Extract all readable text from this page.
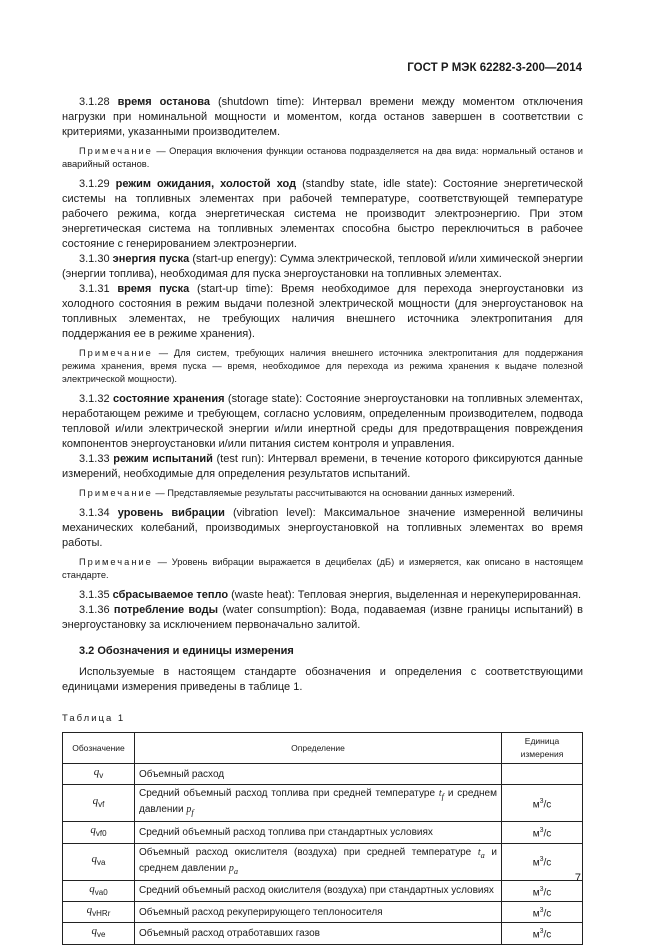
ГОСТ Р МЭК 62282-3-200—2014

3.1.28 время останова (shutdown time): Интервал времени между моментом отключения нагрузки при номинальной мощности и моментом, когда останов завершен в соответствии с критериями, указанными производителем.

Примечание — Операция включения функции останова подразделяется на два вида: нормальный останов и аварийный останов.

3.1.29 режим ожидания, холостой ход (standby state, idle state): Состояние энергетической системы на топливных элементах при рабочей температуре, соответствующей температуре рабочего режима, когда энергетическая система не производит электроэнергию. При этом энергетическая система на топливных элементах способна быстро переключиться в рабочее состояние с генерированием электроэнергии.

3.1.30 энергия пуска (start-up energy): Сумма электрической, тепловой и/или химической энергии (энергии топлива), необходимая для пуска энергоустановки на топливных элементах.

3.1.31 время пуска (start-up time): Время необходимое для перехода энергоустановки из холодного состояния в режим выдачи полезной электрической мощности (для энергоустановок на топливных элементах, не требующих наличия внешнего источника электропитания для поддержания ее в режиме хранения).

Примечание — Для систем, требующих наличия внешнего источника электропитания для поддержания режима хранения, время пуска — время, необходимое для перехода из режима хранения к выдаче полезной электрической мощности).

3.1.32 состояние хранения (storage state): Состояние энергоустановки на топливных элементах, неработающем режиме и требующем, согласно условиям, определенным производителем, подвода тепловой и/или электрической энергии и/или инертной среды для предотвращения повреждения компонентов энергоустановки и/или питания систем контроля и управления.

3.1.33 режим испытаний (test run): Интервал времени, в течение которого фиксируются данные измерений, необходимые для определения результатов испытаний.

Примечание — Представляемые результаты рассчитываются на основании данных измерений.

3.1.34 уровень вибрации (vibration level): Максимальное значение измеренной величины механических колебаний, производимых энергоустановкой на топливных элементах во время работы.

Примечание — Уровень вибрации выражается в децибелах (дБ) и измеряется, как описано в настоящем стандарте.

3.1.35 сбрасываемое тепло (waste heat): Тепловая энергия, выделенная и нерекуперированная.

3.1.36 потребление воды (water consumption): Вода, подаваемая (извне границы испытаний) в энергоустановку за исключением первоначально залитой.

3.2 Обозначения и единицы измерения

Используемые в настоящем стандарте обозначения и определения с соответствующими единицами измерения приведены в таблице 1.

Таблица 1
Обозначение	Определение	Единица измерения
$q_v$	Объемный расход	
$q_{vf}$	Средний объемный расход топлива при средней температуре $t_f$ и среднем давлении $p_f$	$м^3/с$
$q_{vf0}$	Средний объемный расход топлива при стандартных условиях	$м^3/с$
$q_{va}$	Объемный расход окислителя (воздуха) при средней температуре $t_a$ и среднем давлении $p_a$	$м^3/с$
$q_{va0}$	Средний объемный расход окислителя (воздуха) при стандартных условиях	$м^3/с$
$q_{vHRr}$	Объемный расход рекуперирующего теплоносителя	$м^3/с$
$q_{ve}$	Объемный расход отработавших газов	$м^3/с$
7
